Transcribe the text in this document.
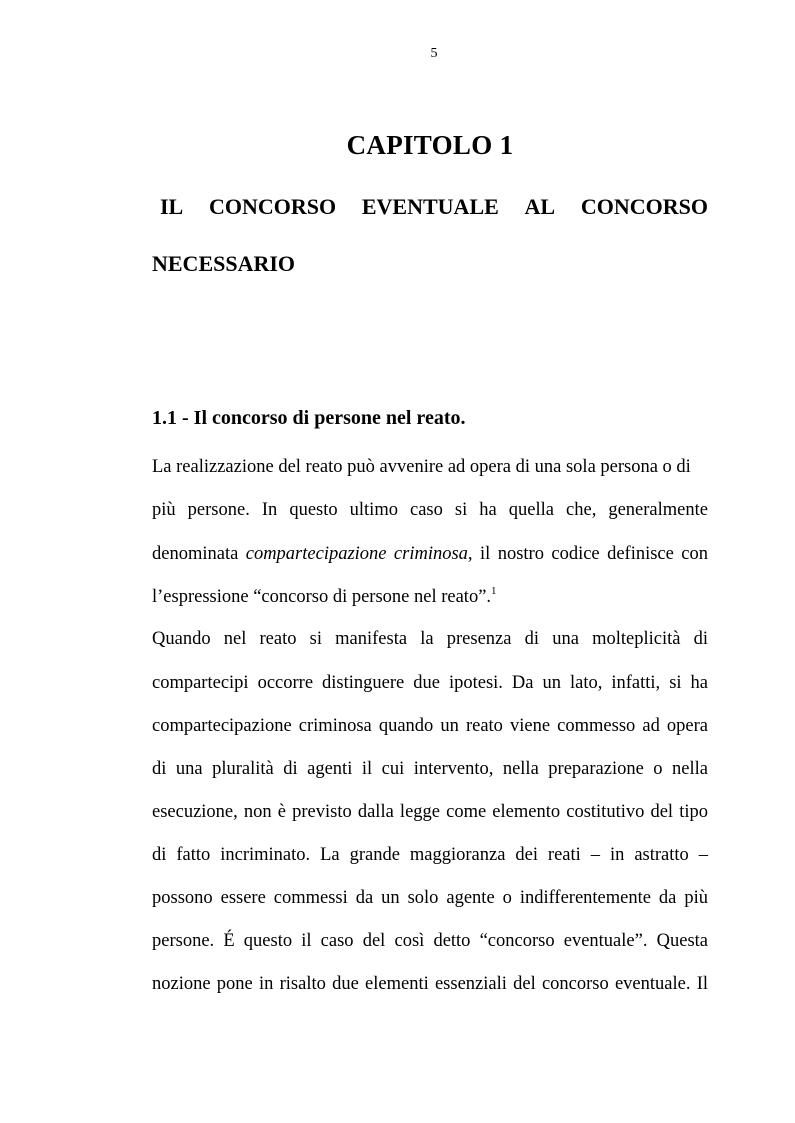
5
CAPITOLO 1
IL CONCORSO EVENTUALE AL CONCORSO
NECESSARIO
1.1 - Il concorso di persone nel reato.
La realizzazione del reato può avvenire ad opera di una sola persona o di
più persone. In questo ultimo caso si ha quella che, generalmente
denominata compartecipazione criminosa, il nostro codice definisce con
l’espressione “concorso di persone nel reato”.$^1$
Quando nel reato si manifesta la presenza di una molteplicità di
compartecipi occorre distinguere due ipotesi. Da un lato, infatti, si ha
compartecipazione criminosa quando un reato viene commesso ad opera
di una pluralità di agenti il cui intervento, nella preparazione o nella
esecuzione, non è previsto dalla legge come elemento costitutivo del tipo
di fatto incriminato. La grande maggioranza dei reati – in astratto –
possono essere commessi da un solo agente o indifferentemente da più
persone. É questo il caso del così detto “concorso eventuale”. Questa
nozione pone in risalto due elementi essenziali del concorso eventuale. Il
